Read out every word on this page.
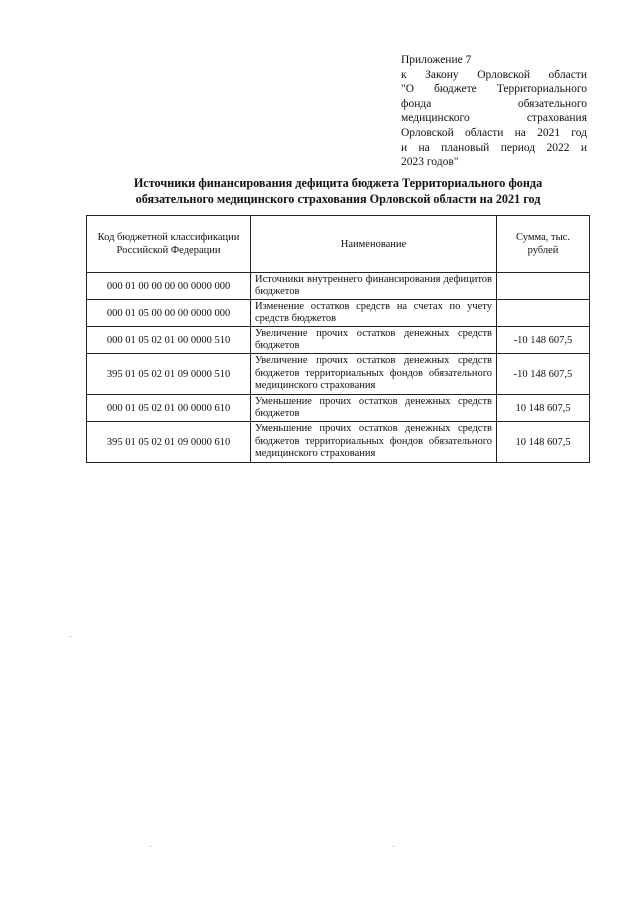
Приложение 7
к Закону Орловской области
"О бюджете Территориального
фонда обязательного
медицинского страхования
Орловской области на 2021 год
и на плановый период 2022 и
2023 годов"
Источники финансирования дефицита бюджета Территориального фонда
обязательного медицинского страхования Орловской области на 2021 год
Код бюджетной классификации Российской Федерации	Наименование	Сумма, тыс. рублей
000 01 00 00 00 00 0000 000	Источники внутреннего финансирования дефицитов бюджетов	
000 01 05 00 00 00 0000 000	Изменение остатков средств на счетах по учету средств бюджетов	
000 01 05 02 01 00 0000 510	Увеличение прочих остатков денежных средств бюджетов	-10 148 607,5
395 01 05 02 01 09 0000 510	Увеличение прочих остатков денежных средств бюджетов территориальных фондов обязательного медицинского страхования	-10 148 607,5
000 01 05 02 01 00 0000 610	Уменьшение прочих остатков денежных средств бюджетов	10 148 607,5
395 01 05 02 01 09 0000 610	Уменьшение прочих остатков денежных средств бюджетов территориальных фондов обязательного медицинского страхования	10 148 607,5
